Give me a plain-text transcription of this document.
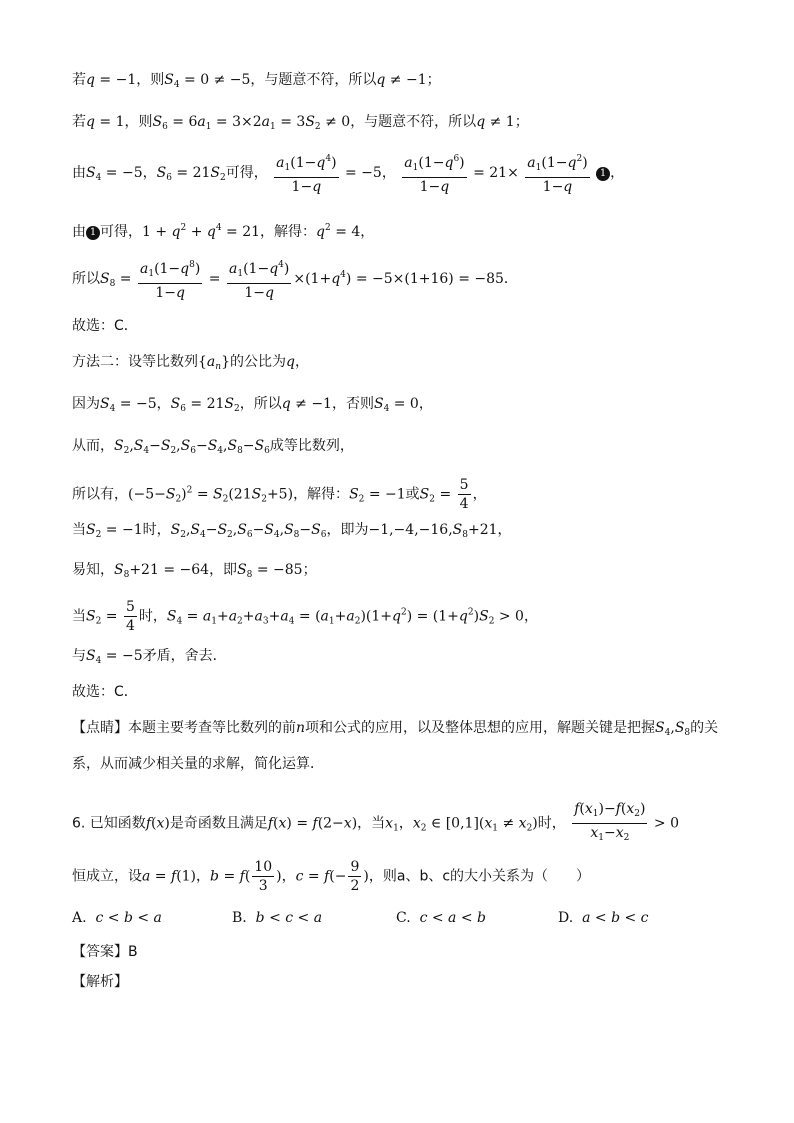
若q = −1，则$S_4 = 0 \ne -5$，与题意不符，所以q ≠ −1；
若q = 1，则$S_6 = 6a_1 = 3\times 2a_1 = 3S_2 \ne 0$，与题意不符，所以q ≠ 1；
由$S_4 = -5$，$S_6 = 21S_2$可得， $\frac{a_1(1-q^4)}{1-q} = -5$， $\frac{a_1(1-q^6)}{1-q} = 21\times \frac{a_1(1-q^2)}{1-q} 1$ ，
由 1 可得，$1 + q^2 + q^4 = 21$，解得：$q^2 = 4$，
所以$S_8 = \frac{a_1(1-q^8)}{1-q} = \frac{a_1(1-q^4)}{1-q} \times(1+q^4) = -5\times(1+16) = -85$．
故选：C．
方法二：设等比数列$\{a_n\}$的公比为q，
因为$S_4 = -5$，$S_6 = 21S_2$，所以q ≠ −1，否则$S_4 = 0$，
从而，$S_2,S_4-S_2,S_6-S_4,S_8-S_6$成等比数列，
所以有，$(-5-S_2)^2 = S_2(21S_2+5)$，解得：$S_2 = -1$或$S_2 = \frac{5}{4}$ ，
当$S_2 = -1$时，$S_2,S_4-S_2,S_6-S_4,S_8-S_6$，即为$-1,-4,-16,S_8+21$，
易知，$S_8+21 = -64$，即$S_8 = -85$；
当$S_2 = \frac{5}{4}$ 时，$S_4 = a_1+a_2+a_3+a_4 = (a_1+a_2)(1+q^2) = (1+q^2)S_2 > 0$，
与$S_4 = -5$矛盾，舍去．
故选：C．
【点睛】本题主要考查等比数列的前n项和公式的应用，以及整体思想的应用，解题关键是把握$S_4,S_8$的关
系，从而减少相关量的求解，简化运算．
6. 已知函数f(x)是奇函数且满足f(x) = f(2−x)，当$x_1$，$x_2$ ∈ $[0,1](x_1 \ne x_2)$时， $\frac{f(x_1)-f(x_2)}{x_1-x_2} > 0$
恒成立，设a = f(1)，$b = f( \frac{10}{3}$ )，$c = f(- \frac{9}{2}$ )，则a、b、c的大小关系为（　　）
A. c < b < a	B. b < c < a	C. c < a < b	D. a < b < c
【答案】B
【解析】
